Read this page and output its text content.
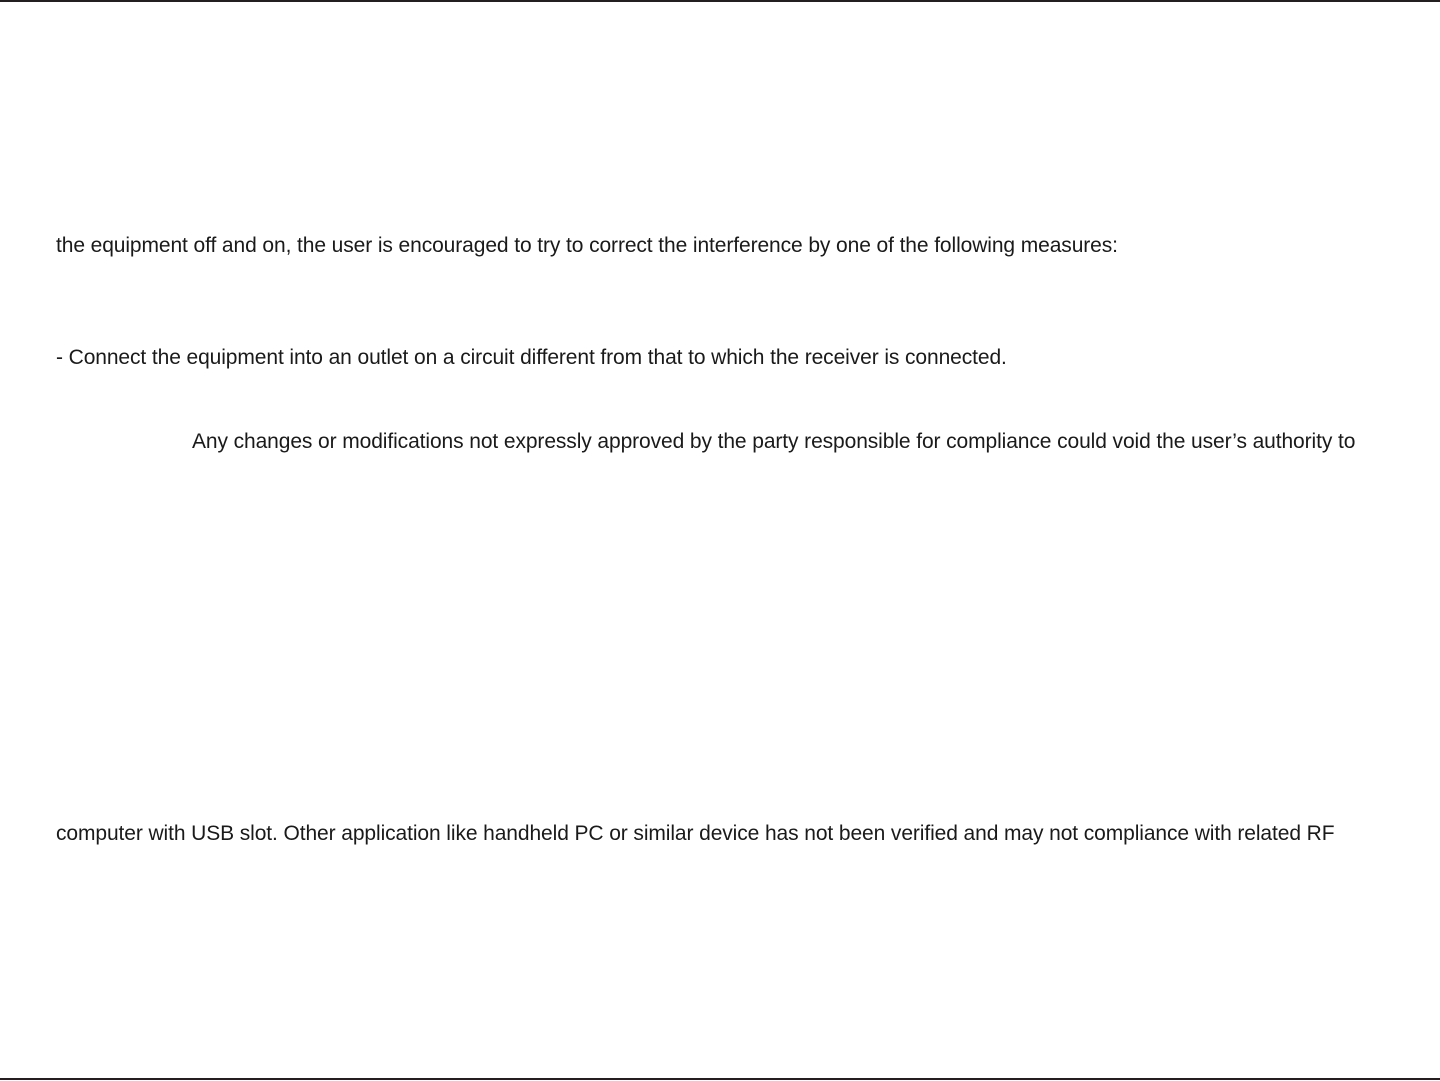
the equipment off and on, the user is encouraged to try to correct the interference by one of the following measures:
- Connect the equipment into an outlet on a circuit different from that to which the receiver is connected.
Any changes or modifications not expressly approved by the party responsible for compliance could void the user’s authority to
computer with USB slot. Other application like handheld PC or similar device has not been verified and may not compliance with related RF
